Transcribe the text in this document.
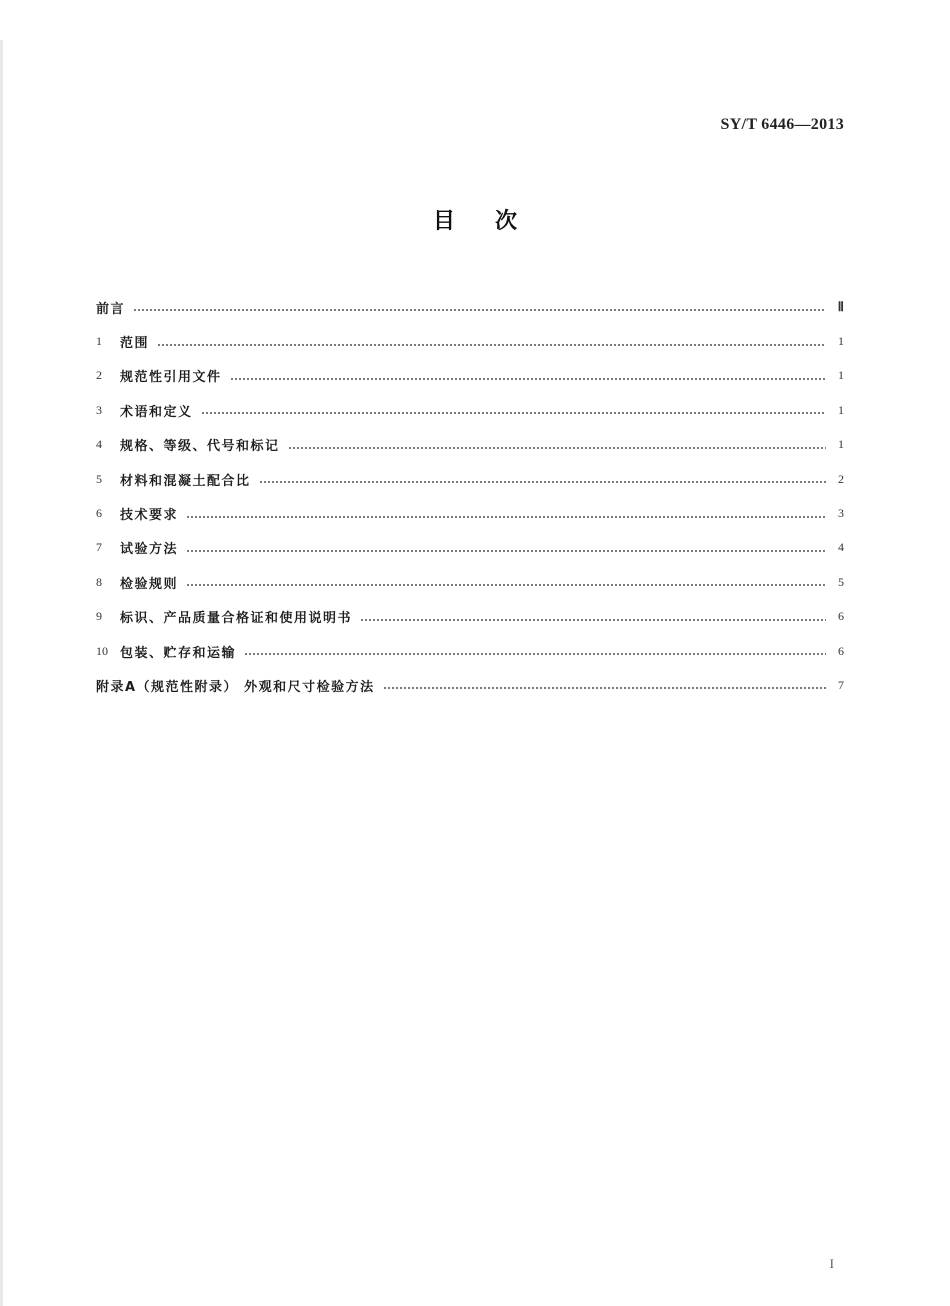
SY/T 6446—2013
目次
前言	Ⅱ
1	范围	1
2	规范性引用文件	1
3	术语和定义	1
4	规格、等级、代号和标记	1
5	材料和混凝土配合比	2
6	技术要求	3
7	试验方法	4
8	检验规则	5
9	标识、产品质量合格证和使用说明书	6
10 包装、贮存和运输	6
附录A（规范性附录） 外观和尺寸检验方法	7
I
